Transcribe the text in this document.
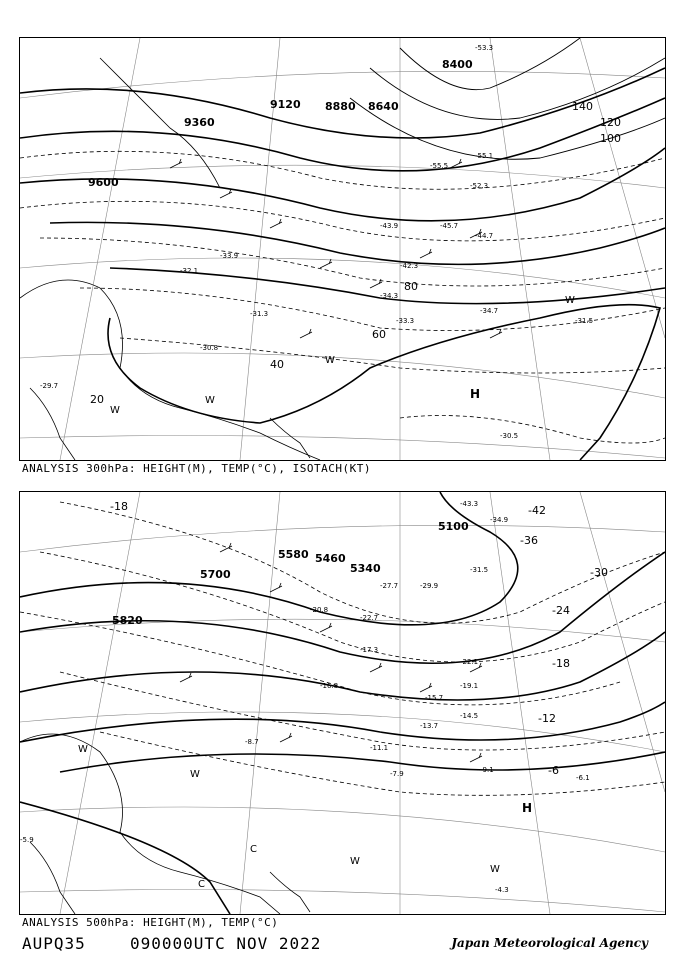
9600
9360
9120 8880 8640
8400
20
40
60
80
100
120
140
-53.3
-55.5
-55.1
-52.3
-44.7
-45.7
-43.9
-42.3
-34.3
-34.7
-33.3	-31.5
-30.8
-30.5
-29.7
-31.3
-33.9
-32.1
H
W
W
W
W
ANALYSIS 300hPa: HEIGHT(M), TEMP(°C), ISOTACH(KT)
5820
5700
5580 5460
5340
5100
-6
-12
-18
-24
-30
-36
-42
-18	-43.3
-34.9
-31.5
-22.1
-19.1
-15.7
-14.5
-13.7
-11.1
-9.1
-7.9	-6.1
-4.3
-5.9
-8.7
-16.8
-17.3
-20.8
-22.7
-27.7	-29.9
H
C
C
W
W
W
W
ANALYSIS 500hPa: HEIGHT(M), TEMP(°C)
AUPQ35	090000UTC NOV 2022	Japan Meteorological Agency
